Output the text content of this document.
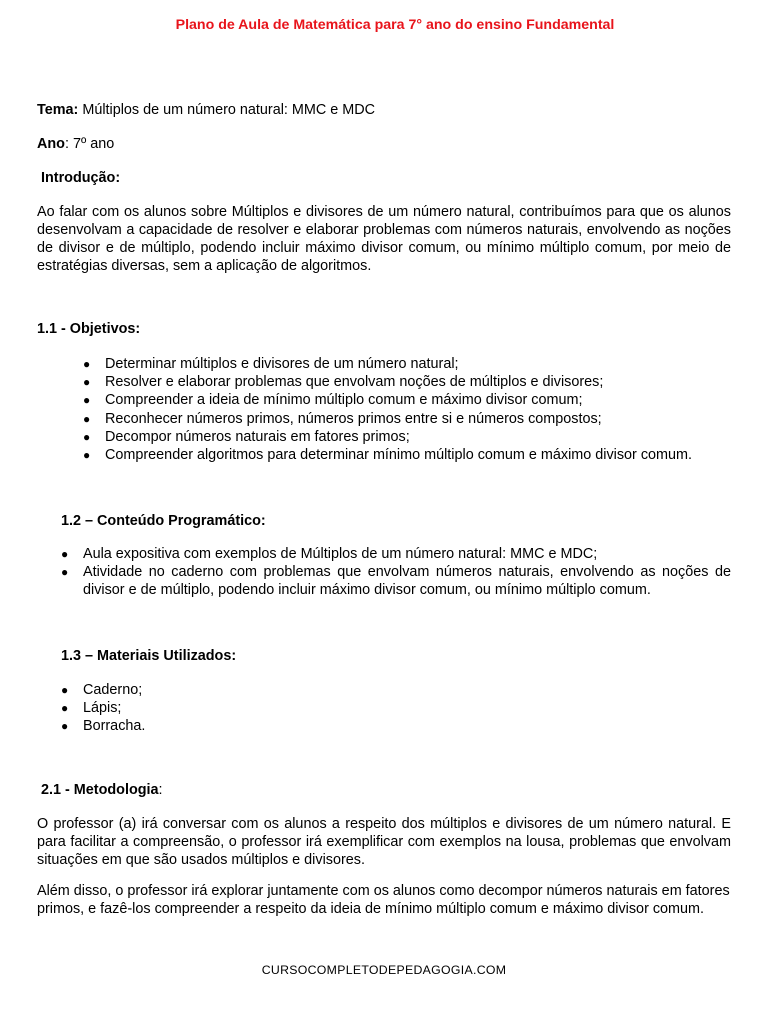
Plano de Aula de Matemática para 7° ano do ensino Fundamental
Tema: Múltiplos de um número natural: MMC e MDC
Ano: 7º ano
Introdução:
Ao falar com os alunos sobre Múltiplos e divisores de um número natural, contribuímos para que os alunos desenvolvam a capacidade de resolver e elaborar problemas com números naturais, envolvendo as noções de divisor e de múltiplo, podendo incluir máximo divisor comum, ou mínimo múltiplo comum, por meio de estratégias diversas, sem a aplicação de algoritmos.
1.1 - Objetivos:
● Determinar múltiplos e divisores de um número natural;
● Resolver e elaborar problemas que envolvam noções de múltiplos e divisores;
● Compreender a ideia de mínimo múltiplo comum e máximo divisor comum;
● Reconhecer números primos, números primos entre si e números compostos;
● Decompor números naturais em fatores primos;
● Compreender algoritmos para determinar mínimo múltiplo comum e máximo divisor comum.
1.2 – Conteúdo Programático:
● Aula expositiva com exemplos de Múltiplos de um número natural: MMC e MDC;
● Atividade no caderno com problemas que envolvam números naturais, envolvendo as noções de divisor e de múltiplo, podendo incluir máximo divisor comum, ou mínimo múltiplo comum.
1.3 – Materiais Utilizados:
● Caderno;
● Lápis;
● Borracha.
2.1 - Metodologia:
O professor (a) irá conversar com os alunos a respeito dos múltiplos e divisores de um número natural. E para facilitar a compreensão, o professor irá exemplificar com exemplos na lousa, problemas que envolvam situações em que são usados múltiplos e divisores.
Além disso, o professor irá explorar juntamente com os alunos como decompor números naturais em fatores primos, e fazê-los compreender a respeito da ideia de mínimo múltiplo comum e máximo divisor comum.
CURSOCOMPLETODEPEDAGOGIA.COM
